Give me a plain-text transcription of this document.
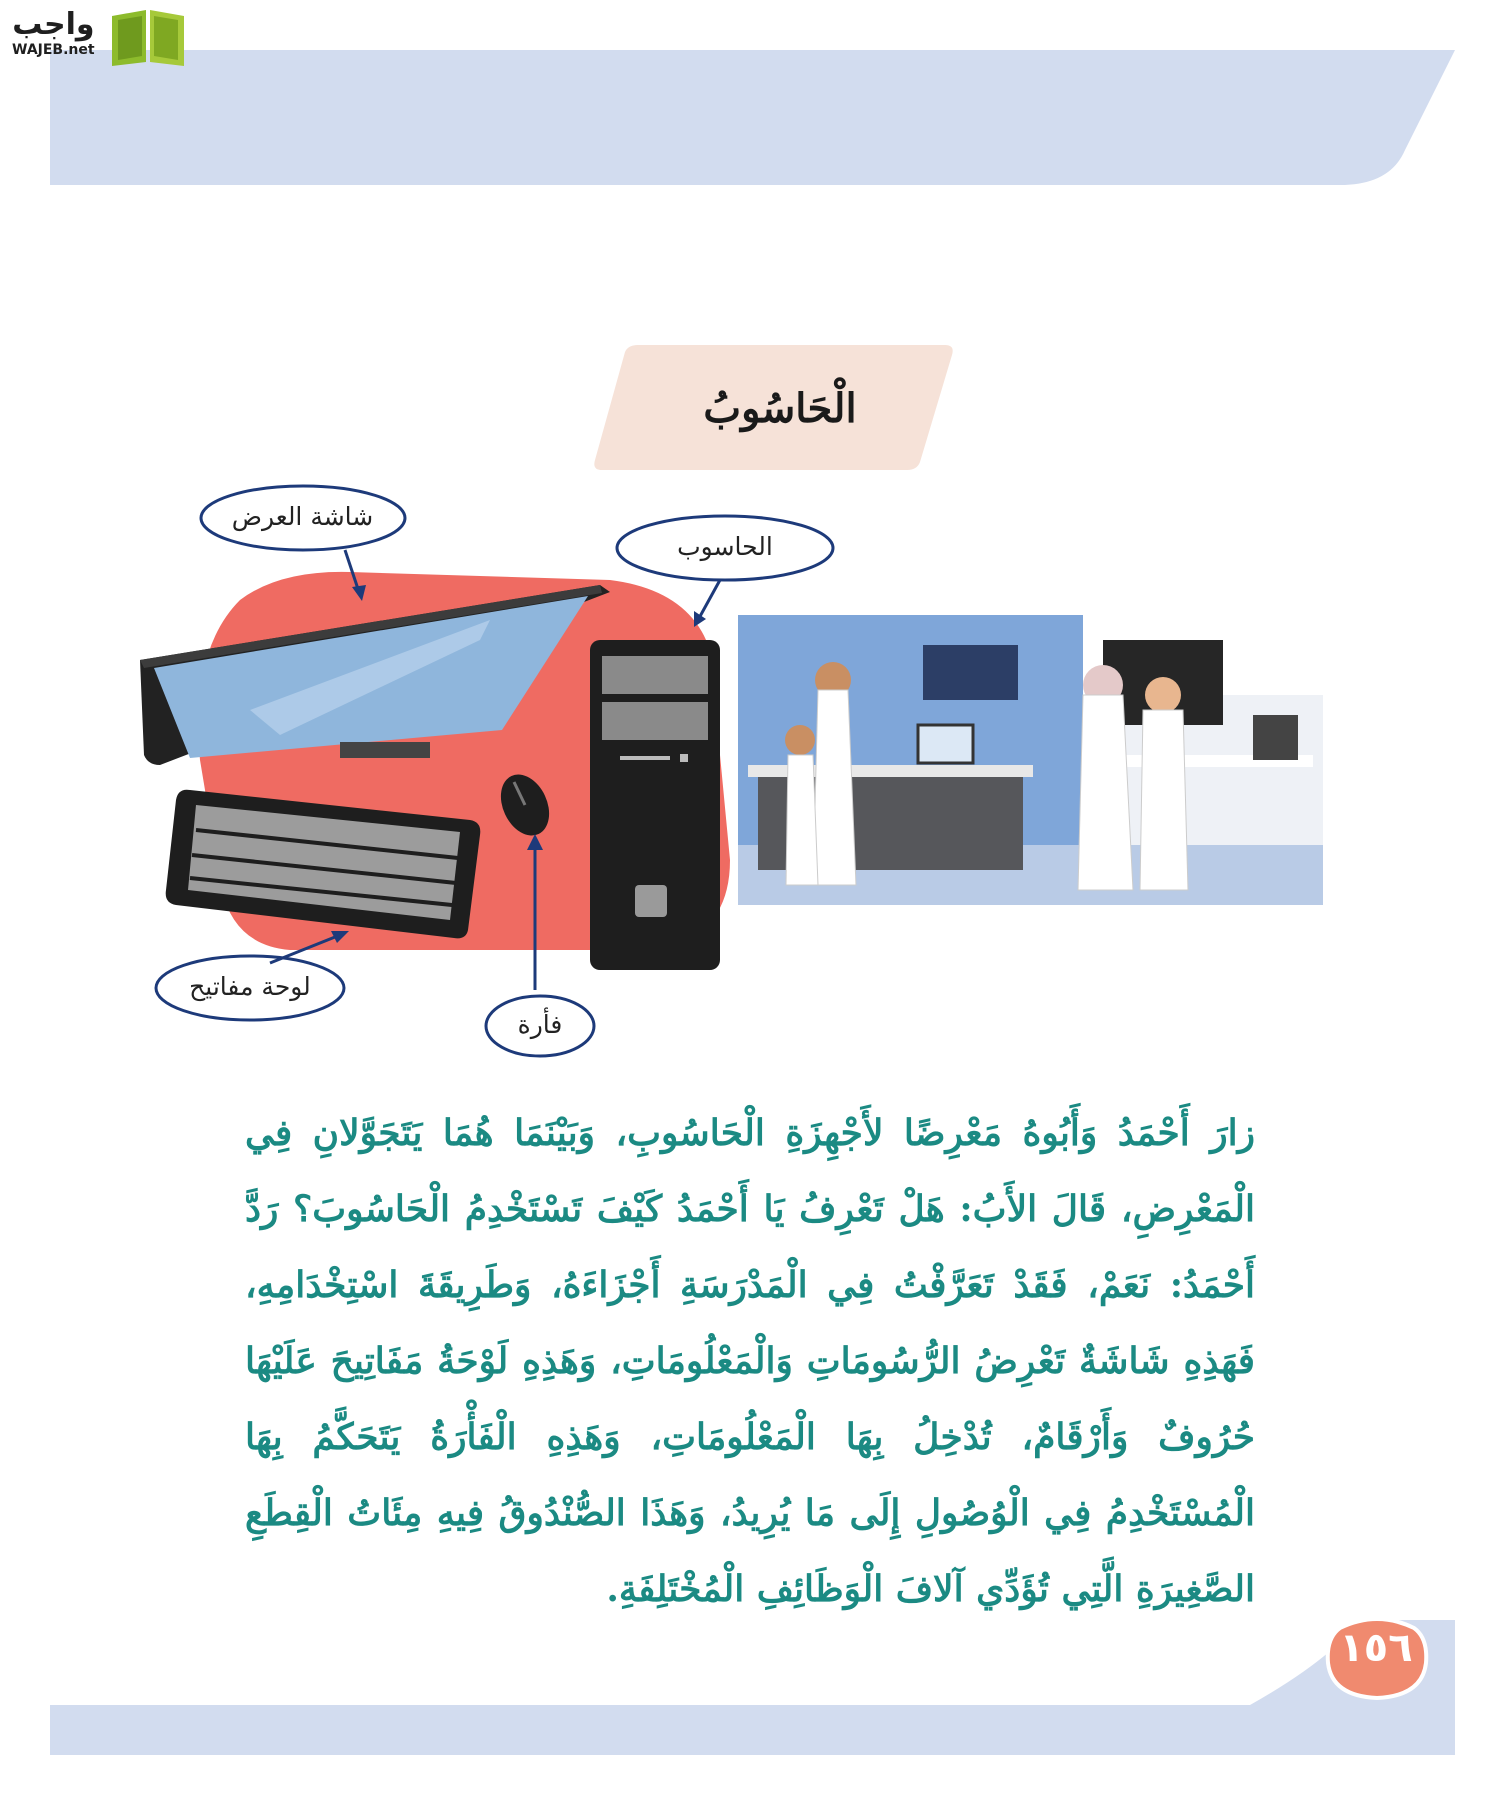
واجب
WAJEB.net
الْحَاسُوبُ
شاشة العرض
الحاسوب
لوحة مفاتيح
فأرة
زارَ أَحْمَدُ وَأَبُوهُ مَعْرِضًا لأَجْهِزَةِ الْحَاسُوبِ، وَبَيْنَمَا هُمَا يَتَجَوَّلانِ فِي الْمَعْرِضِ، قَالَ الأَبُ: هَلْ تَعْرِفُ يَا أَحْمَدُ كَيْفَ تَسْتَخْدِمُ الْحَاسُوبَ؟ رَدَّ أَحْمَدُ: نَعَمْ، فَقَدْ تَعَرَّفْتُ فِي الْمَدْرَسَةِ أَجْزَاءَهُ، وَطَرِيقَةَ اسْتِخْدَامِهِ، فَهَذِهِ شَاشَةٌ تَعْرِضُ الرُّسُومَاتِ وَالْمَعْلُومَاتِ، وَهَذِهِ لَوْحَةُ مَفَاتِيحَ عَلَيْهَا حُرُوفٌ وَأَرْقَامٌ، تُدْخِلُ بِهَا الْمَعْلُومَاتِ، وَهَذِهِ الْفَأْرَةُ يَتَحَكَّمُ بِهَا الْمُسْتَخْدِمُ فِي الْوُصُولِ إِلَى مَا يُرِيدُ، وَهَذَا الصُّنْدُوقُ فِيهِ مِئَاتُ الْقِطَعِ الصَّغِيرَةِ الَّتِي تُؤَدِّي آلافَ الْوَظَائِفِ الْمُخْتَلِفَةِ.
١٥٦
